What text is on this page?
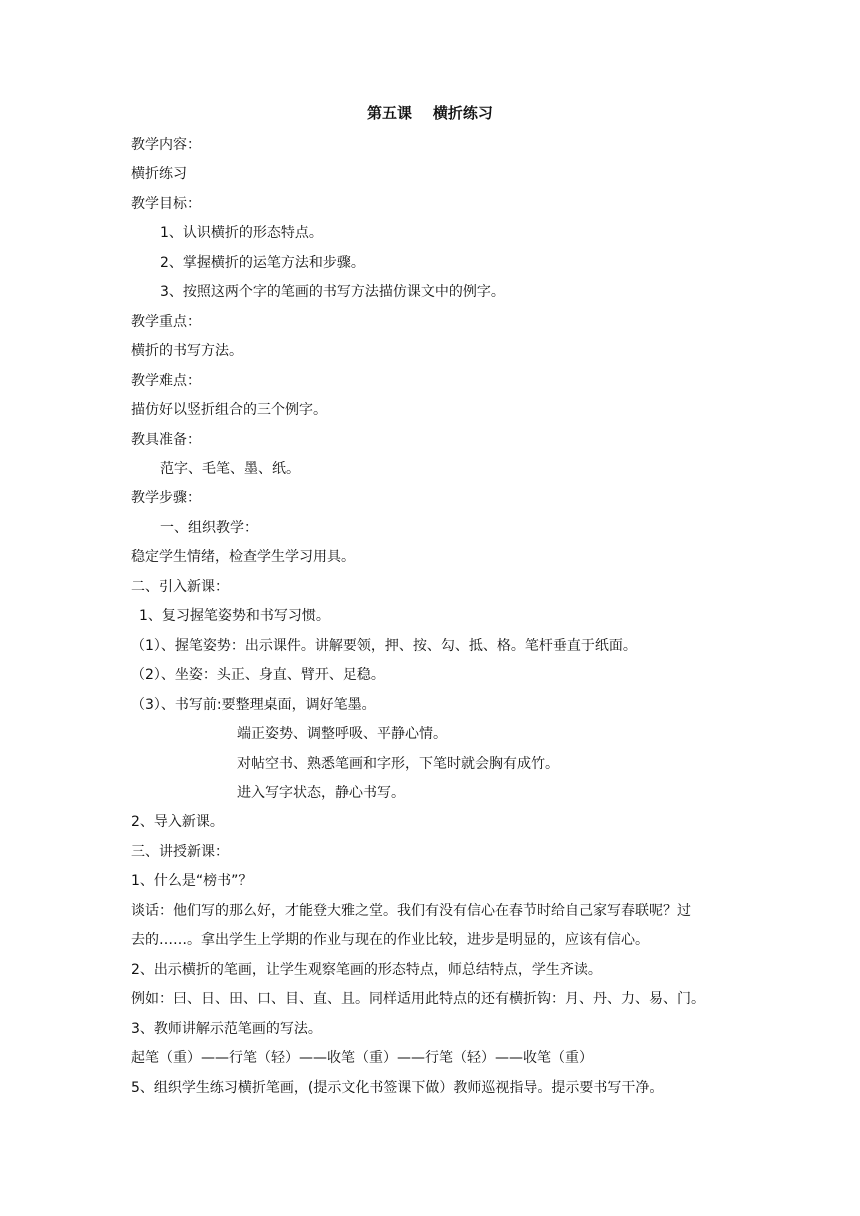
第五课    横折练习
教学内容：
横折练习
教学目标：
1、认识横折的形态特点。
2、掌握横折的运笔方法和步骤。
3、按照这两个字的笔画的书写方法描仿课文中的例字。
教学重点：
横折的书写方法。
教学难点：
描仿好以竖折组合的三个例字。
教具准备：
范字、毛笔、墨、纸。
教学步骤：
一、组织教学：
稳定学生情绪，检查学生学习用具。
二、引入新课：
1、复习握笔姿势和书写习惯。
（1）、握笔姿势：出示课件。讲解要领，押、按、勾、抵、格。笔杆垂直于纸面。
（2）、坐姿：头正、身直、臂开、足稳。
（3）、书写前:要整理桌面，调好笔墨。
端正姿势、调整呼吸、平静心情。
对帖空书、熟悉笔画和字形，下笔时就会胸有成竹。
进入写字状态，静心书写。
2、导入新课。
三、讲授新课：
1、什么是“榜书”？
谈话：他们写的那么好，才能登大雅之堂。我们有没有信心在春节时给自己家写春联呢？过
去的……。拿出学生上学期的作业与现在的作业比较，进步是明显的，应该有信心。
2、出示横折的笔画，让学生观察笔画的形态特点，师总结特点，学生齐读。
例如：曰、日、田、口、目、直、且。同样适用此特点的还有横折钩：月、丹、力、易、门。
3、教师讲解示范笔画的写法。
起笔（重）——行笔（轻）——收笔（重）——行笔（轻）——收笔（重）
5、组织学生练习横折笔画，(提示文化书签课下做）教师巡视指导。提示要书写干净。
